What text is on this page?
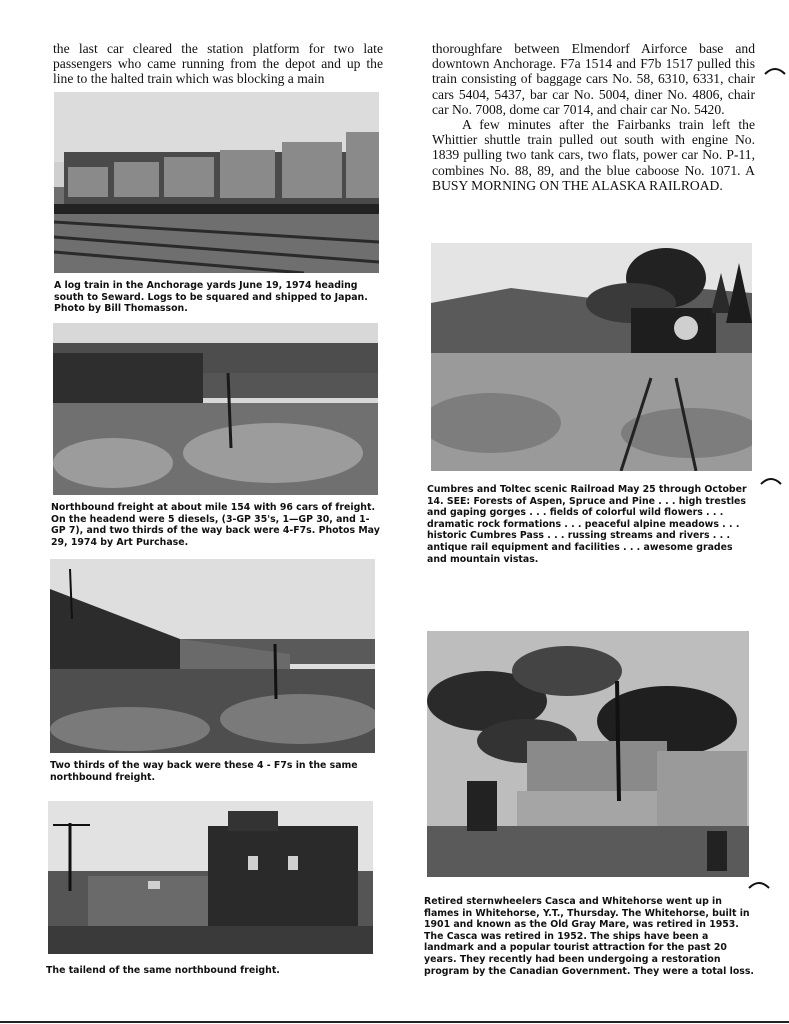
the last car cleared the station platform for two late passengers who came running from the depot and up the line to the halted train which was blocking a main

thoroughfare between Elmendorf Airforce base and downtown Anchorage. F7a 1514 and F7b 1517 pulled this train consisting of baggage cars No. 58, 6310, 6331, chair cars 5404, 5437, bar car No. 5004, diner No. 4806, chair car No. 7008, dome car 7014, and chair car No. 5420.

A few minutes after the Fairbanks train left the Whittier shuttle train pulled out south with engine No. 1839 pulling two tank cars, two flats, power car No. P-11, combines No. 88, 89, and the blue caboose No. 1071. A BUSY MORNING ON THE ALASKA RAILROAD.

A log train in the Anchorage yards June 19, 1974 heading south to Seward. Logs to be squared and shipped to Japan. Photo by Bill Thomasson.
Northbound freight at about mile 154 with 96 cars of freight. On the headend were 5 diesels, (3-GP 35's, 1—GP 30, and 1-GP 7), and two thirds of the way back were 4-F7s. Photos May 29, 1974 by Art Purchase.
Two thirds of the way back were these 4 - F7s in the same northbound freight.
The tailend of the same northbound freight.
Cumbres and Toltec scenic Railroad May 25 through October 14. SEE: Forests of Aspen, Spruce and Pine . . . high trestles and gaping gorges . . . fields of colorful wild flowers . . . dramatic rock formations . . . peaceful alpine meadows . . . historic Cumbres Pass . . . russing streams and rivers . . . antique rail equipment and facilities . . . awesome grades and mountain vistas.
Retired sternwheelers Casca and Whitehorse went up in flames in Whitehorse, Y.T., Thursday. The Whitehorse, built in 1901 and known as the Old Gray Mare, was retired in 1953. The Casca was retired in 1952. The ships have been a landmark and a popular tourist attraction for the past 20 years. They recently had been undergoing a restoration program by the Canadian Government. They were a total loss.
